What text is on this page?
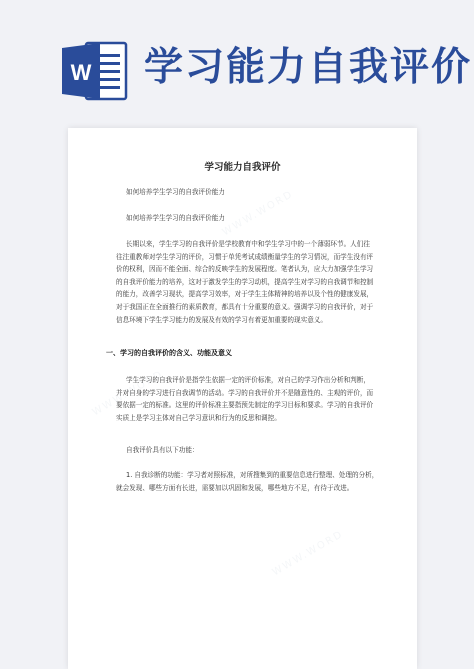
W 学习能力自我评价
WWW.WORD
WWW.WORD
WWW.WORD
学习能力自我评价
如何培养学生学习的自我评价能力
如何培养学生学习的自我评价能力
长期以来，学生学习的自我评价是学校教育中和学生学习中的一个薄弱环节。人们往
往注重教师对学生学习的评价，习惯于单凭考试成绩衡量学生的学习情况，而学生没有评
价的权利，因而不能全面、综合的反映学生的发展程度。笔者认为，应大力加强学生学习
的自我评价能力的培养，这对于激发学生的学习动机，提高学生对学习的自我调节和控制
的能力，改善学习现状，提高学习效率，对于学生主体精神的培养以及个性的健康发展，
对于我国正在全面推行的素质教育，都具有十分重要的意义。强调学习的自我评价，对于
信息环境下学生学习能力的发展及有效的学习有着更加重要的现实意义。
一、学习的自我评价的含义、功能及意义
学生学习的自我评价是指学生依据一定的评价标准，对自己的学习作出分析和判断，
并对自身的学习进行自我调节的活动。学习的自我评价并不是随意性的、主观的评价，而
要依据一定的标准。这里的评价标准主要指预先制定的学习目标和要求。学习的自我评价
实质上是学习主体对自己学习意识和行为的反思和调控。
自我评价具有以下功能：
1. 自我诊断的功能：学习者对照标准，对所搜集到的重要信息进行整理、处理的分析，
就会发现、哪些方面有长进，需要加以巩固和发展，哪些地方不足，有待于改进。
